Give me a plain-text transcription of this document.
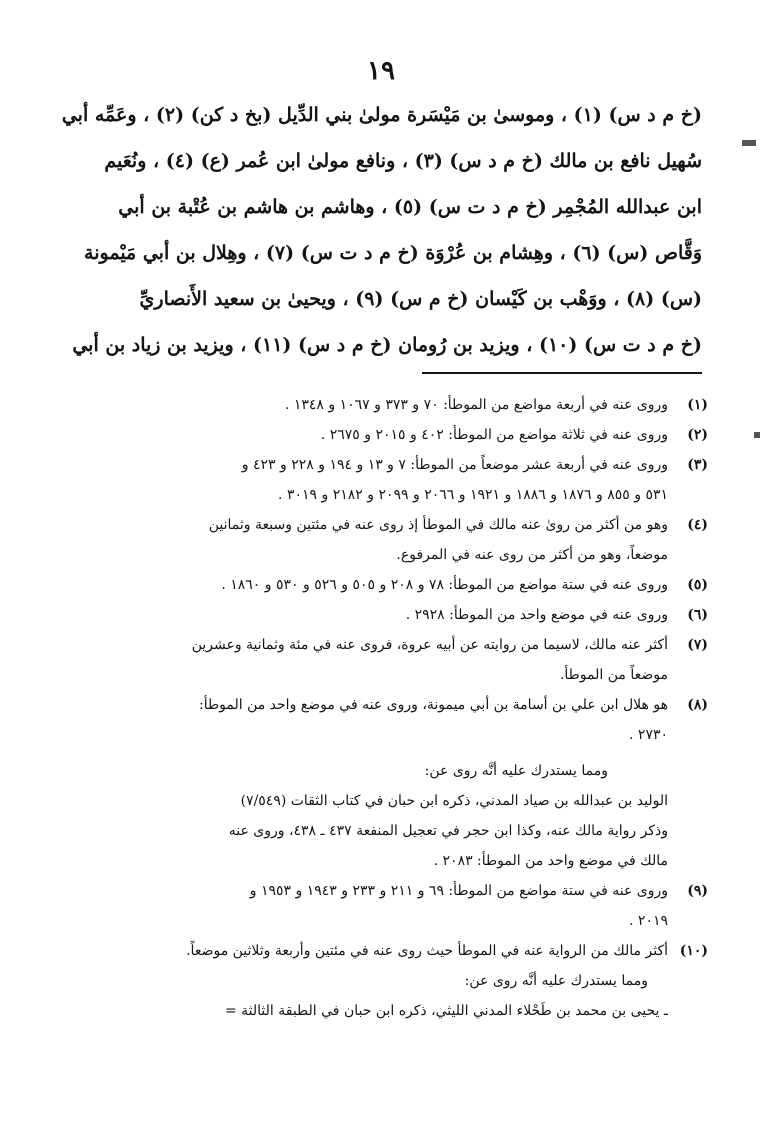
١٩
(خ م د س) (١) ، وموسىٰ بن مَيْسَرة مولىٰ بني الدِّيل (بخ د كن) (٢) ، وعَمِّه أبي
سُهيل نافع بن مالك (خ م د س) (٣) ، ونافع مولىٰ ابن عُمر (ع) (٤) ، ونُعَيم
ابن عبدالله المُجْمِر (خ م د ت س) (٥) ، وهاشم بن هاشم بن عُتْبة بن أبي
وَقَّاص (س) (٦) ، وهِشام بن عُرْوَة (خ م د ت س) (٧) ، وهِلال بن أبي مَيْمونة
(س) (٨) ، ووَهْب بن كَيْسان (خ م س) (٩) ، ويحيىٰ بن سعيد الأَنصاريِّ
(خ م د ت س) (١٠) ، ويزيد بن رُومان (خ م د س) (١١) ، ويزيد بن زياد بن أبي
(١)
وروى عنه في أربعة مواضع من الموطأ: ٧٠ و ٣٧٣ و ١٠٦٧ و ١٣٤٨ .
(٢)
وروى عنه في ثلاثة مواضع من الموطأ: ٤٠٢ و ٢٠١٥ و ٢٦٧٥ .
(٣)
وروى عنه في أربعة عشر موضعاً من الموطأ: ٧ و ١٣ و ١٩٤ و ٢٢٨ و ٤٢٣ و
٥٣١ و ٨٥٥ و ١٨٧٦ و ١٨٨٦ و ١٩٢١ و ٢٠٦٦ و ٢٠٩٩ و ٢١٨٢ و ٣٠١٩ .
(٤)
وهو من أكثر من روىٰ عنه مالك في الموطأ إذ روى عنه في مئتين وسبعة وثمانين
موضعاً، وهو من أكثر من روى عنه في المرفوع.
(٥)
وروى عنه في ستة مواضع من الموطأ: ٧٨ و ٢٠٨ و ٥٠٥ و ٥٢٦ و ٥٣٠ و ١٨٦٠ .
(٦)
وروى عنه في موضع واحد من الموطأ: ٢٩٢٨ .
(٧)
أكثر عنه مالك، لاسيما من روايته عن أبيه عروة، فروى عنه في مئة وثمانية وعشرين
موضعاً من الموطأ.
(٨)
هو هلال ابن علي بن أسامة بن أبي ميمونة، وروى عنه في موضع واحد من الموطأ:
٢٧٣٠ .
ومما يستدرك عليه أنَّه روى عن:
الوليد بن عبدالله بن صياد المدني، ذكره ابن حبان في كتاب الثقات (٧/٥٤٩)
وذكر رواية مالك عنه، وكذا ابن حجر في تعجيل المنفعة ٤٣٧ ـ ٤٣٨، وروى عنه
مالك في موضع واحد من الموطأ: ٢٠٨٣ .
(٩)
وروى عنه في ستة مواضع من الموطأ: ٦٩ و ٢١١ و ٢٣٣ و ١٩٤٣ و ١٩٥٣ و
٢٠١٩ .
(١٠)
أكثر مالك من الرواية عنه في الموطأ حيث روى عنه في مئتين وأربعة وثلاثين موضعاً.
ومما يستدرك عليه أنَّه روى عن:
ـ يحيى بن محمد بن طَحْلاء المدني الليثي، ذكره ابن حبان في الطبقة الثالثة =
